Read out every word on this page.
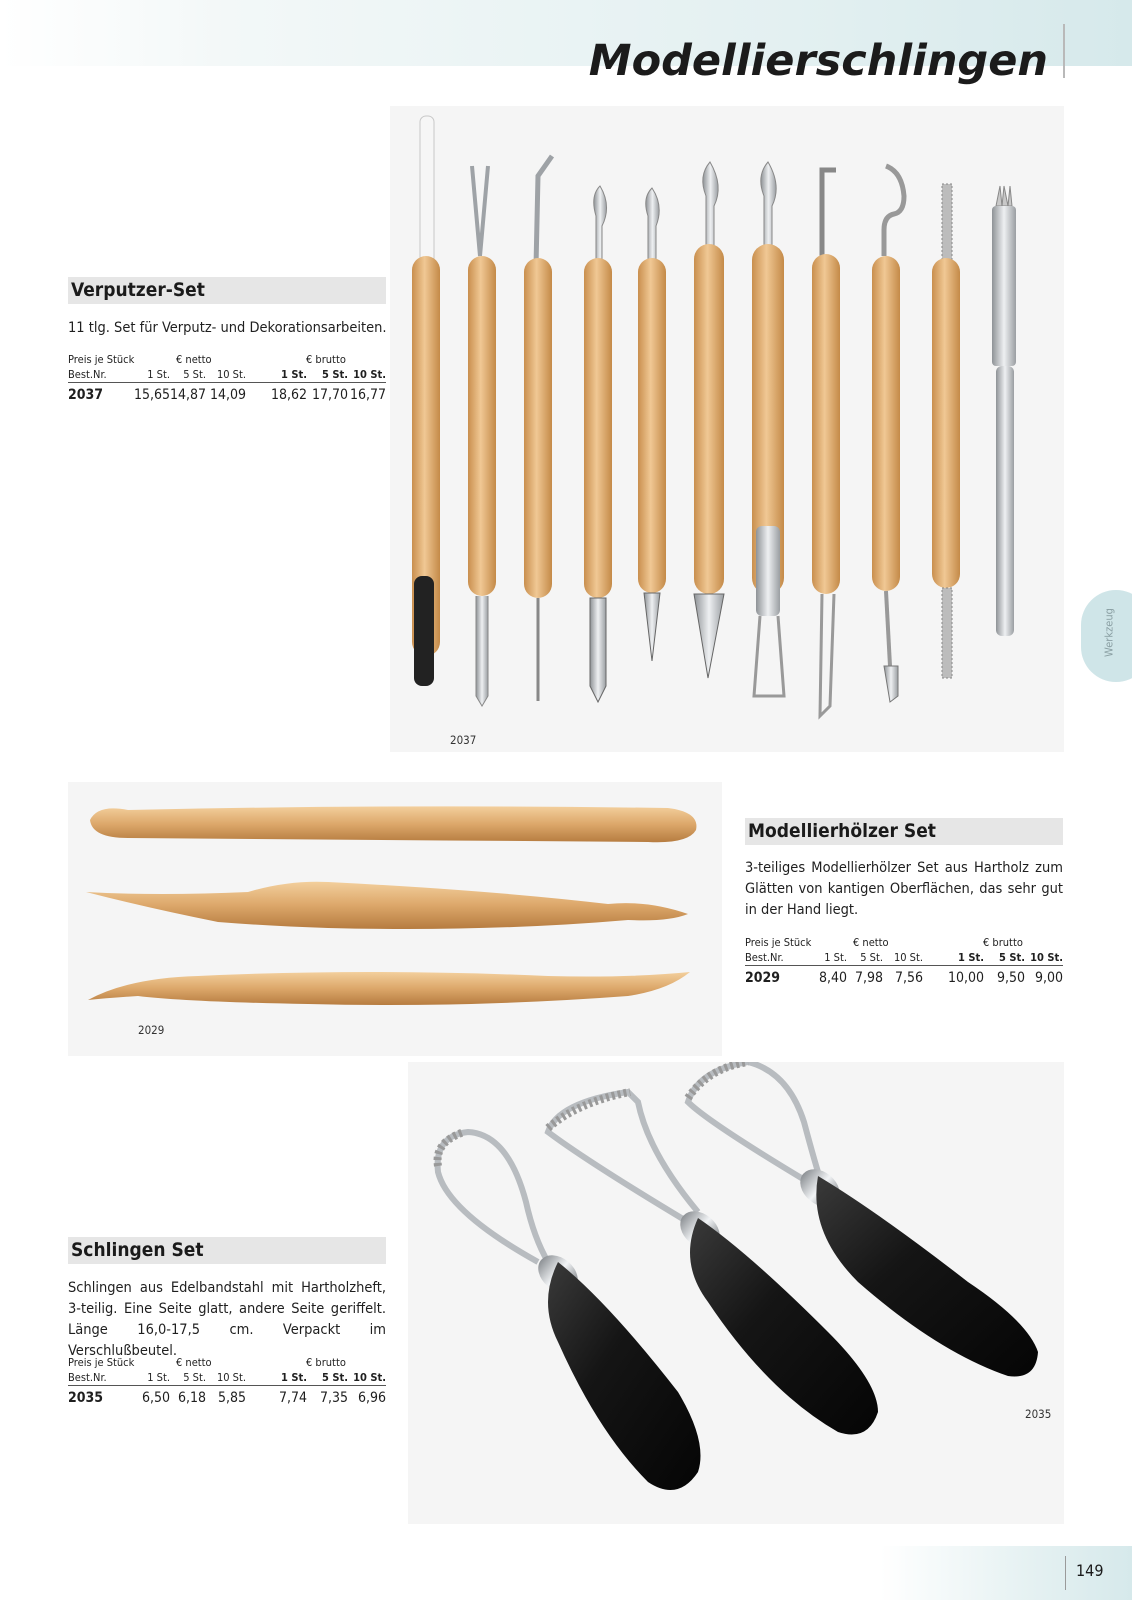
Modellierschlingen
Werkzeug
149
Verputzer-Set

11 tlg. Set für Verputz- und Dekorationsarbeiten.

Preis je Stück	€ netto	€ brutto
Best.Nr.	1 St. 5 St. 10 St.	1 St. 5 St. 10 St.
2037 15,65 14,87 14,09 18,62 17,70 16,77
2037
2029
Modellierhölzer Set

3-teiliges Modellierhölzer Set aus Hartholz zum Glätten von kantigen Oberflächen, das sehr gut in der Hand liegt.

Preis je Stück	€ netto	€ brutto
Best.Nr.	1 St. 5 St. 10 St.	1 St. 5 St. 10 St.
2029	8,40 7,98 7,56 10,00 9,50 9,00
Schlingen Set

Schlingen aus Edelbandstahl mit Hartholzheft, 3-teilig. Eine Seite glatt, andere Seite geriffelt. Länge 16,0-17,5 cm. Verpackt im Verschlußbeutel.

Preis je Stück	€ netto	€ brutto
Best.Nr.	1 St. 5 St. 10 St.	1 St. 5 St. 10 St.
2035	6,50 6,18 5,85 7,74 7,35 6,96
2035
